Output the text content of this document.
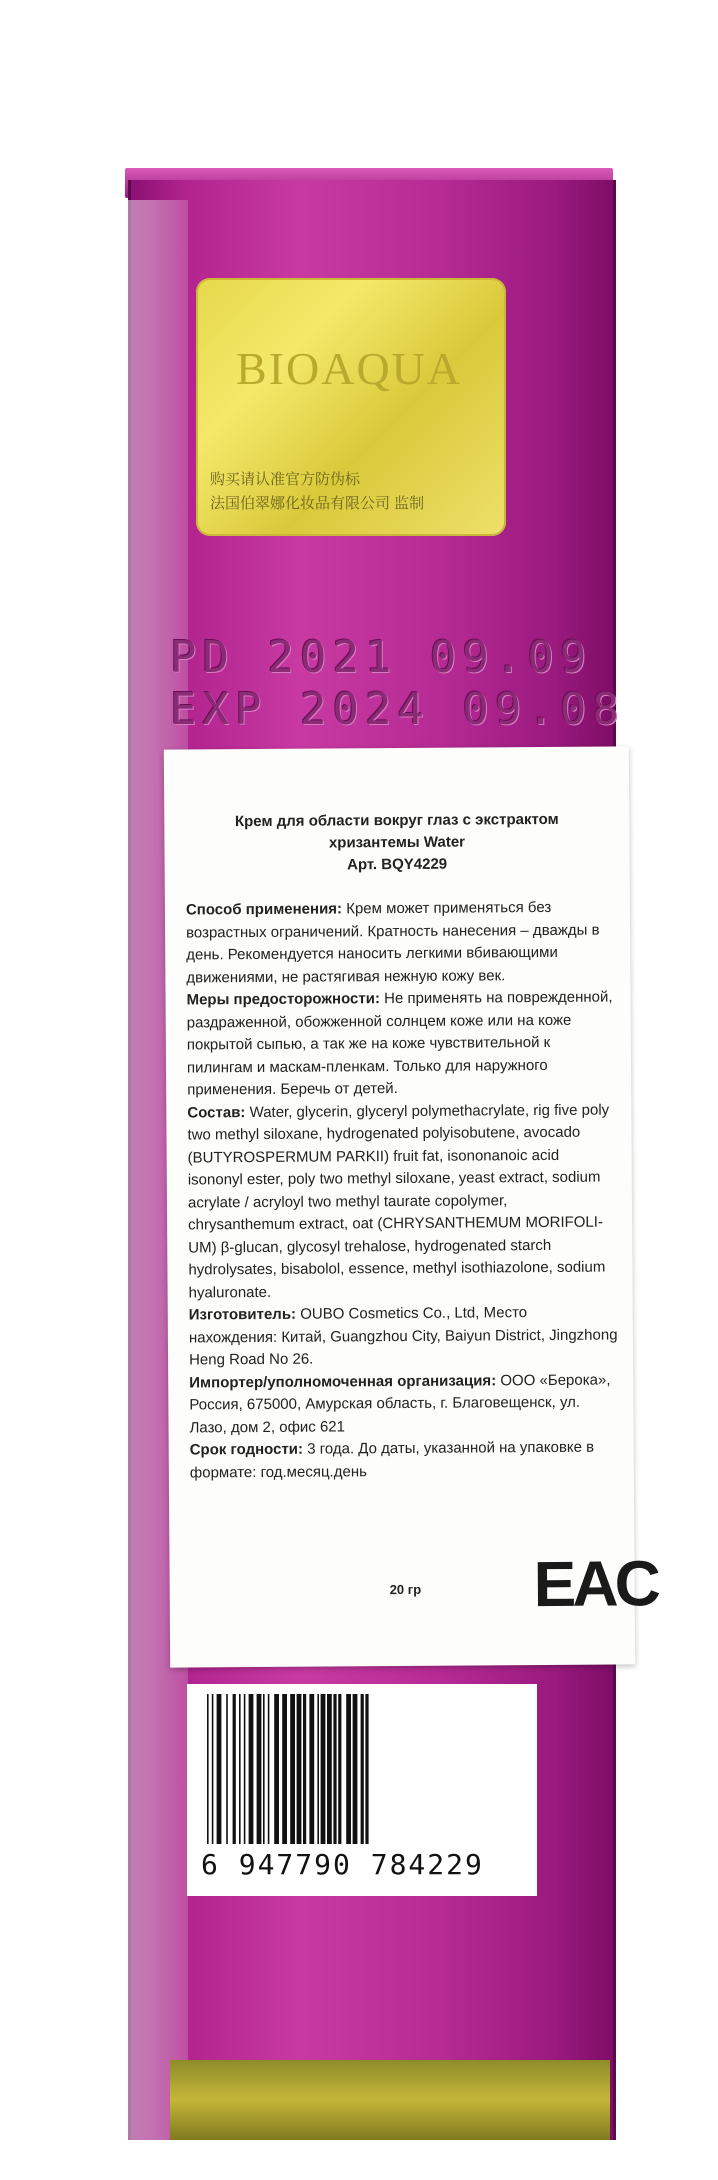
BIOAQUA
购买请认准官方防伪标
法国伯翠娜化妆品有限公司 监制
PD 2021 09.09
EXP 2024 09.08
Крем для области вокруг глаз с экстрактом
хризантемы Water
Арт. BQY4229

Способ применения: Крем может применяться без возрастных ограничений. Кратность нанесения – дважды в день. Рекомендуется наносить легкими вбивающими движениями, не растягивая нежную кожу век.

Меры предосторожности: Не применять на поврежденной, раздраженной, обожженной солнцем коже или на коже покрытой сыпью, а так же на коже чувствительной к пилингам и маскам-пленкам. Только для наружного применения. Беречь от детей.

Состав: Water, glycerin, glyceryl polymethacrylate, rig five poly two methyl siloxane, hydrogenated polyisobutene, avocado (BUTYROSPERMUM PARKII) fruit fat, isononanoic acid isononyl ester, poly two methyl siloxane, yeast extract, sodium acrylate / acryloyl two methyl taurate copolymer, chrysanthemum extract, oat (CHRYSANTHEMUM MORIFOLI-UM) β-glucan, glycosyl trehalose, hydrogenated starch hydrolysates, bisabolol, essence, methyl isothiazolone, sodium hyaluronate.

Изготовитель: OUBO Cosmetics Co., Ltd, Место нахождения: Китай, Guangzhou City, Baiyun District, Jingzhong Heng Road No 26.

Импортер/уполномоченная организация: ООО «Берока», Россия, 675000, Амурская область, г. Благовещенск, ул. Лазо, дом 2, офис 621

Срок годности: 3 года. До даты, указанной на упаковке в формате: год.месяц.день

20 гр EAC
6 947790 784229
